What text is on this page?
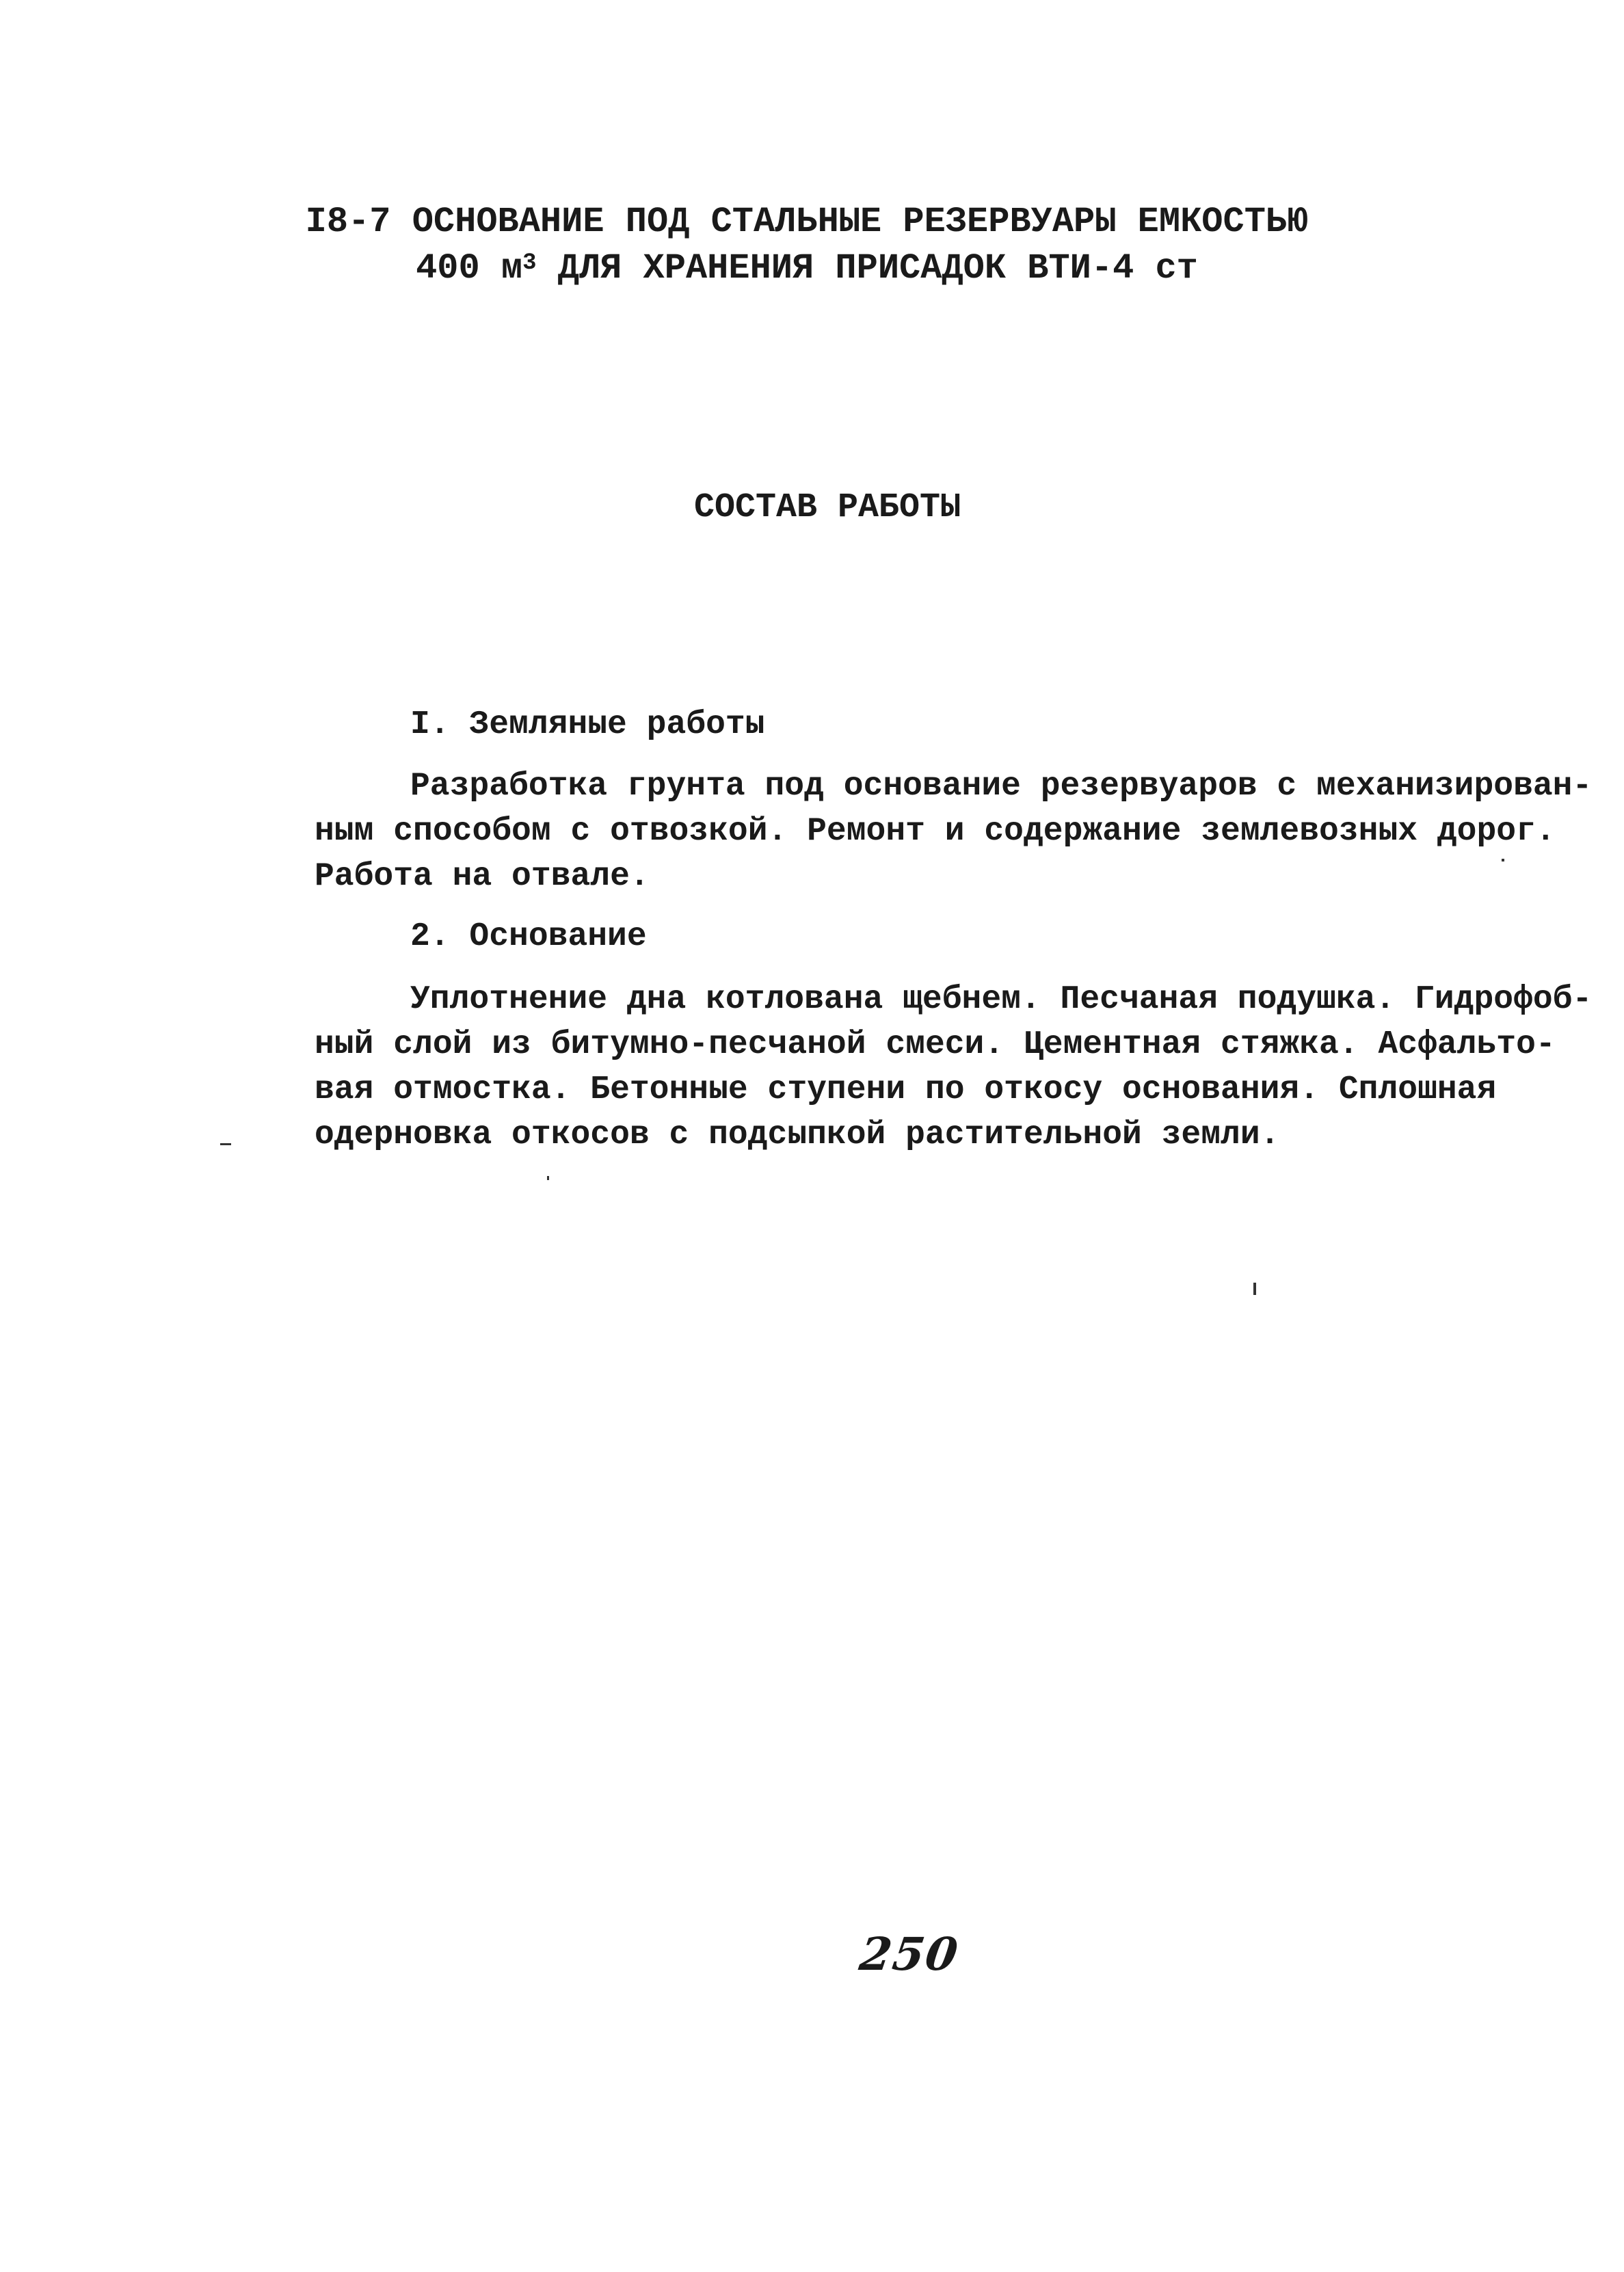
I8-7 ОСНОВАНИЕ ПОД СТАЛЬНЫЕ РЕЗЕРВУАРЫ ЕМКОСТЬЮ
400 $м^3$ ДЛЯ ХРАНЕНИЯ ПРИСАДОК ВТИ-4 ст
СОСТАВ РАБОТЫ
I. Земляные работы
Разработка грунта под основание резервуаров с механизирован-
ным способом с отвозкой. Ремонт и содержание землевозных дорог.
Работа на отвале.
2. Основание
Уплотнение дна котлована щебнем. Песчаная подушка. Гидрофоб-
ный слой из битумно-песчаной смеси. Цементная стяжка. Асфальто-
вая отмостка. Бетонные ступени по откосу основания. Сплошная
одерновка откосов с подсыпкой растительной земли.
250
